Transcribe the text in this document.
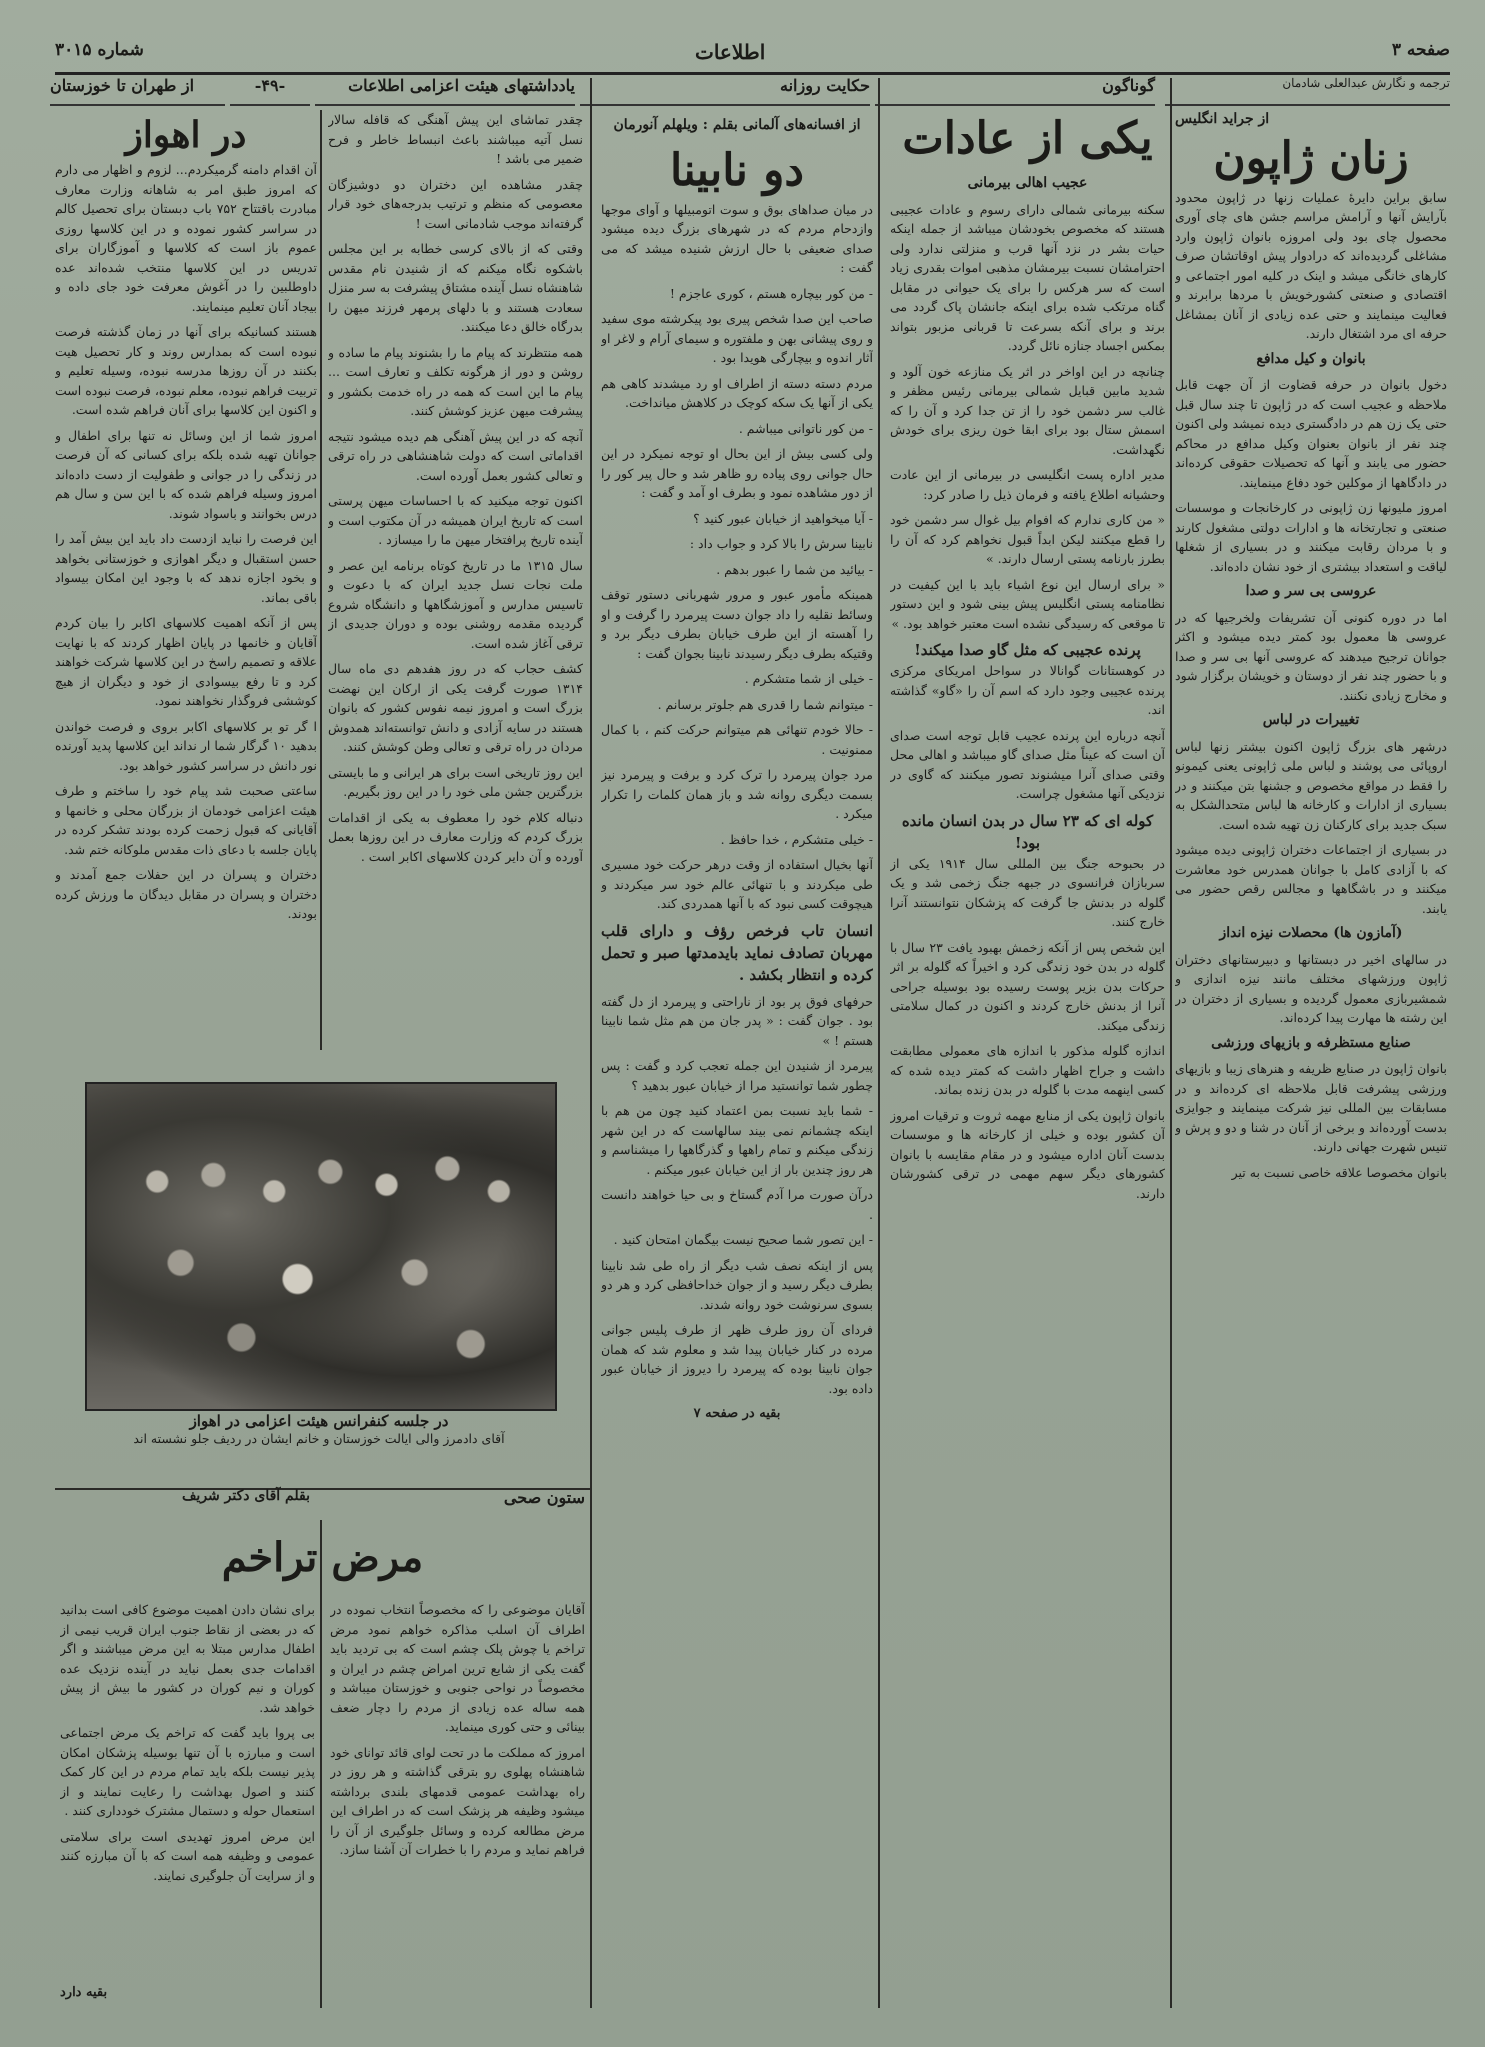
صفحه ۳
اطلاعات
شماره ۳۰۱۵
ترجمه و نگارش عبدالعلی شادمان
گوناگون
حکایت روزانه
یادداشتهای هیئت اعزامی اطلاعات
-۴۹-
از طهران تا خوزستان
از جراید انگلیس
زنان ژاپون

سابق براین دایرهٔ عملیات زنها در ژاپون محدود بآرایش آنها و آرامش مراسم جشن های چای آوری محصول چای بود ولی امروزه بانوان ژاپون وارد مشاغلی گردیده‌اند که درادوار پیش اوقاتشان صرف کارهای خانگی میشد و اینک در کلیه امور اجتماعی و اقتصادی و صنعتی کشورخویش با مردها برابرند و فعالیت مینمایند و حتی عده زیادی از آنان بمشاغل حرفه ای مرد اشتغال دارند.

بانوان و کیل مدافع

دخول بانوان در حرفه قضاوت از آن جهت قابل ملاحظه و عجیب است که در ژاپون تا چند سال قبل حتی یک زن هم در دادگستری دیده نمیشد ولی اکنون چند نفر از بانوان بعنوان وکیل مدافع در محاکم حضور می یابند و آنها که تحصیلات حقوقی کرده‌اند در دادگاهها از موکلین خود دفاع مینمایند.

امروز ملیونها زن ژاپونی در کارخانجات و موسسات صنعتی و تجارتخانه ها و ادارات دولتی مشغول کارند و با مردان رقابت میکنند و در بسیاری از شغلها لیاقت و استعداد بیشتری از خود نشان داده‌اند.

عروسی بی سر و صدا

اما در دوره کنونی آن تشریفات ولخرجیها که در عروسی ها معمول بود کمتر دیده میشود و اکثر جوانان ترجیح میدهند که عروسی آنها بی سر و صدا و با حضور چند نفر از دوستان و خویشان برگزار شود و مخارج زیادی نکنند.

تغییرات در لباس

درشهر های بزرگ ژاپون اکنون بیشتر زنها لباس اروپائی می پوشند و لباس ملی ژاپونی یعنی کیمونو را فقط در مواقع مخصوص و جشنها بتن میکنند و در بسیاری از ادارات و کارخانه ها لباس متحدالشکل به سبک جدید برای کارکنان زن تهیه شده است.

در بسیاری از اجتماعات دختران ژاپونی دیده میشود که با آزادی کامل با جوانان همدرس خود معاشرت میکنند و در باشگاهها و مجالس رقص حضور می یابند.

(آمازون ها) محصلات نیزه انداز

در سالهای اخیر در دبستانها و دبیرستانهای دختران ژاپون ورزشهای مختلف مانند نیزه اندازی و شمشیربازی معمول گردیده و بسیاری از دختران در این رشته ها مهارت پیدا کرده‌اند.

صنایع مستظرفه و بازیهای ورزشی

بانوان ژاپون در صنایع ظریفه و هنرهای زیبا و بازیهای ورزشی پیشرفت قابل ملاحظه ای کرده‌اند و در مسابقات بین المللی نیز شرکت مینمایند و جوایزی بدست آورده‌اند و برخی از آنان در شنا و دو و پرش و تنیس شهرت جهانی دارند.

بانوان مخصوصا علاقه خاصی نسبت به تیر

یکی از عادات
عجیب اهالی بیرمانی

سکنه بیرمانی شمالی دارای رسوم و عادات عجیبی هستند که مخصوص بخودشان میباشد از جمله اینکه حیات بشر در نزد آنها قرب و منزلتی ندارد ولی احترامشان نسبت بیرمشان مذهبی اموات بقدری زیاد است که سر هرکس را برای یک حیوانی در مقابل گناه مرتکب شده برای اینکه جانشان پاک گردد می برند و برای آنکه بسرعت تا قربانی مزبور بتواند بمکس اجساد جنازه نائل گردد.

چنانچه در این اواخر در اثر یک منازعه خون آلود و شدید مابین قبایل شمالی بیرمانی رئیس مظفر و غالب سر دشمن خود را از تن جدا کرد و آن را که اسمش ستال بود برای ابقا خون ریزی برای خودش نگهداشت.

مدیر اداره پست انگلیسی در بیرمانی از این عادت وحشیانه اطلاع یافته و فرمان ذیل را صادر کرد:

« من کاری ندارم که افوام بیل غوال سر دشمن خود را قطع میکنند لیکن ابداً قبول نخواهم کرد که آن را بطرز بارنامه پستی ارسال دارند. »

« برای ارسال این نوع اشیاء باید با این کیفیت در نظامنامه پستی انگلیس پیش بینی شود و این دستور تا موقعی که رسیدگی نشده است معتبر خواهد بود. »

پرنده عجیبی که مثل گاو صدا میکند!

در کوهستانات گوانالا در سواحل امریکای مرکزی پرنده عجیبی وجود دارد که اسم آن را «گاو» گذاشته اند.

آنچه درباره این پرنده عجیب قابل توجه است صدای آن است که عیناً مثل صدای گاو میباشد و اهالی محل وقتی صدای آنرا میشنوند تصور میکنند که گاوی در نزدیکی آنها مشغول چراست.

کوله ای که ۲۳ سال در بدن انسان مانده بود!

در بحبوحه جنگ بین المللی سال ۱۹۱۴ یکی از سربازان فرانسوی در جبهه جنگ زخمی شد و یک گلوله در بدنش جا گرفت که پزشکان نتوانستند آنرا خارج کنند.

این شخص پس از آنکه زخمش بهبود یافت ۲۳ سال با گلوله در بدن خود زندگی کرد و اخیراً که گلوله بر اثر حرکات بدن بزیر پوست رسیده بود بوسیله جراحی آنرا از بدنش خارج کردند و اکنون در کمال سلامتی زندگی میکند.

اندازه گلوله مذکور با اندازه های معمولی مطابقت داشت و جراح اظهار داشت که کمتر دیده شده که کسی اینهمه مدت با گلوله در بدن زنده بماند.

بانوان ژاپون یکی از منابع مهمه ثروت و ترقیات امروز آن کشور بوده و خیلی از کارخانه ها و موسسات بدست آنان اداره میشود و در مقام مقایسه با بانوان کشورهای دیگر سهم مهمی در ترقی کشورشان دارند.

از افسانه‌های آلمانی بقلم : ویلهلم آنورمان
دو نابینا

در میان صداهای بوق و سوت اتومبیلها و آوای موجها وازدحام مردم که در شهرهای بزرگ دیده میشود صدای ضعیفی با حال ارزش شنیده میشد که می گفت :

- من کور بیچاره هستم ، کوری عاجزم !

صاحب این صدا شخص پیری بود پیکرشته موی سفید و روی پیشانی بهن و ملفتوره و سیمای آرام و لاغر او آثار اندوه و بیچارگی هویدا بود .

مردم دسته دسته از اطراف او رد میشدند کاهی هم یکی از آنها یک سکه کوچک در کلاهش میانداخت.

- من کور ناتوانی میباشم .

ولی کسی بیش از این بحال او توجه نمیکرد در این حال جوانی روی پیاده رو ظاهر شد و حال پیر کور را از دور مشاهده نمود و بطرف او آمد و گفت :

- آیا میخواهید از خیابان عبور کنید ؟

نابینا سرش را بالا کرد و جواب داد :

- بیائید من شما را عبور بدهم .

همینکه مأمور عبور و مرور شهربانی دستور توقف وسائط نقلیه را داد جوان دست پیرمرد را گرفت و او را آهسته از این طرف خیابان بطرف دیگر برد و وقتیکه بطرف دیگر رسیدند نابینا بجوان گفت :

- خیلی از شما متشکرم .

- میتوانم شما را قدری هم جلوتر برسانم .

- حالا خودم تنهائی هم میتوانم حرکت کنم ، با کمال ممنونیت .

مرد جوان پیرمرد را ترک کرد و برفت و پیرمرد نیز بسمت دیگری روانه شد و باز همان کلمات را تکرار میکرد .

- خیلی متشکرم ، خدا حافظ .

آنها بخیال استفاده از وقت درهر حرکت خود مسیری طی میکردند و با تنهائی عالم خود سر میکردند و هیچوقت کسی نبود که با آنها همدردی کند.

انسان تاب فرخص رؤف و دارای قلب مهربان تصادف نماید بایدمدتها صبر و تحمل کرده و انتظار بکشد .

حرفهای فوق پر بود از ناراحتی و پیرمرد از دل گفته بود . جوان گفت : « پدر جان من هم مثل شما نابینا هستم ! »

پیرمرد از شنیدن این جمله تعجب کرد و گفت : پس چطور شما توانستید مرا از خیابان عبور بدهید ؟

- شما باید نسبت بمن اعتماد کنید چون من هم با اینکه چشمانم نمی بیند سالهاست که در این شهر زندگی میکنم و تمام راهها و گذرگاهها را میشناسم و هر روز چندین بار از این خیابان عبور میکنم .

درآن صورت مرا آدم گستاخ و بی حیا خواهند دانست .

- این تصور شما صحیح نیست بیگمان امتحان کنید .

پس از اینکه نصف شب دیگر از راه طی شد نابینا بطرف دیگر رسید و از جوان خداحافظی کرد و هر دو بسوی سرنوشت خود روانه شدند.

فردای آن روز طرف ظهر از طرف پلیس جوانی مرده در کنار خیابان پیدا شد و معلوم شد که همان جوان نابینا بوده که پیرمرد را دیروز از خیابان عبور داده بود.

بقیه در صفحه ۷
در اهواز

آن اقدام دامنه گرمیکردم... لزوم و اظهار می دارم که امروز طبق امر به شاهانه وزارت معارف مبادرت باقتتاح ۷۵۲ باب دبستان برای تحصیل کالم در سراسر کشور نموده و در این کلاسها روزی عموم باز است که کلاسها و آموزگاران برای تدریس در این کلاسها منتخب شده‌اند عده داوطلبین را در آغوش معرفت خود جای داده و بیجاد آنان تعلیم مینمایند.

هستند کسانیکه برای آنها در زمان گذشته فرصت نبوده است که بمدارس روند و کار تحصیل هیت بکنند در آن روزها مدرسه نبوده، وسیله تعلیم و تربیت فراهم نبوده، معلم نبوده، فرصت نبوده است و اکنون این کلاسها برای آنان فراهم شده است.

امروز شما از این وسائل نه تنها برای اطفال و جوانان تهیه شده بلکه برای کسانی که آن فرصت در زندگی را در جوانی و طفولیت از دست داده‌اند امروز وسیله فراهم شده که با این سن و سال هم درس بخوانند و باسواد شوند.

این فرصت را نباید ازدست داد باید این بیش آمد را حسن استقبال و دیگر اهوازی و خوزستانی بخواهد و بخود اجازه ندهد که با وجود این امکان بیسواد باقی بماند.

پس از آنکه اهمیت کلاسهای اکابر را بیان کردم آقایان و خانمها در پایان اظهار کردند که با نهایت علاقه و تصمیم راسخ در این کلاسها شرکت خواهند کرد و تا رفع بیسوادی از خود و دیگران از هیچ کوششی فروگذار نخواهند نمود.

ا گر تو بر کلاسهای اکابر بروی و فرصت خواندن بدهید ۱۰ گرگار شما ار نداند این کلاسها پدید آورنده نور دانش در سراسر کشور خواهد بود.

ساعتی صحبت شد پیام خود را ساختم و طرف هیئت اعزامی خودمان از بزرگان محلی و خانمها و آقایانی که قبول زحمت کرده بودند تشکر کرده در پایان جلسه با دعای ذات مقدس ملوکانه ختم شد.

دختران و پسران در این حفلات جمع آمدند و دختران و پسران در مقابل دیدگان ما ورزش کرده بودند.

چقدر تماشای این پیش آهنگی که قافله سالار نسل آتیه میباشند باعث انبساط خاطر و فرح ضمیر می باشد !

چقدر مشاهده این دختران دو دوشیزگان معصومی که منظم و ترتیب بدرجه‌های خود قرار گرفته‌اند موجب شادمانی است !

وقتی که از بالای کرسی خطابه بر این مجلس باشکوه نگاه میکنم که از شنیدن نام مقدس شاهنشاه نسل آینده مشتاق پیشرفت به سر منزل سعادت هستند و با دلهای پرمهر فرزند میهن را بدرگاه خالق دعا میکنند.

همه منتظرند که پیام ما را بشنوند پیام ما ساده و روشن و دور از هرگونه تکلف و تعارف است ... پیام ما این است که همه در راه خدمت بکشور و پیشرفت میهن عزیز کوشش کنند.

آنچه که در این پیش آهنگی هم دیده میشود نتیجه اقداماتی است که دولت شاهنشاهی در راه ترقی و تعالی کشور بعمل آورده است.

اکنون توجه میکنید که با احساسات میهن پرستی است که تاریخ ایران همیشه در آن مکتوب است و آینده تاریخ پرافتخار میهن ما را میسازد .

سال ۱۳۱۵ ما در تاریخ کوتاه برنامه این عصر و ملت نجات نسل جدید ایران که با دعوت و تاسیس مدارس و آموزشگاهها و دانشگاه شروع گردیده مقدمه روشنی بوده و دوران جدیدی از ترقی آغاز شده است.

کشف حجاب که در روز هفدهم دی ماه سال ۱۳۱۴ صورت گرفت یکی از ارکان این نهضت بزرگ است و امروز نیمه نفوس کشور که بانوان هستند در سایه آزادی و دانش توانسته‌اند همدوش مردان در راه ترقی و تعالی وطن کوشش کنند.

این روز تاریخی است برای هر ایرانی و ما بایستی بزرگترین جشن ملی خود را در این روز بگیریم.

دنباله کلام خود را معطوف به یکی از اقدامات بزرگ کردم که وزارت معارف در این روزها بعمل آورده و آن دایر کردن کلاسهای اکابر است .

در جلسه کنفرانس هیئت اعزامی در اهواز
آقای دادمرز والی ایالت خوزستان و خانم ایشان در ردیف جلو نشسته اند
ستون صحی
بقلم آقای دکتر شریف
مرض تراخم

آقایان موضوعی را که مخصوصاً انتخاب نموده در اطراف آن اسلب مذاکره خواهم نمود مرض تراخم یا چوش پلک چشم است که بی تردید باید گفت یکی از شایع ترین امراض چشم در ایران و مخصوصاً در نواحی جنوبی و خوزستان میباشد و همه ساله عده زیادی از مردم را دچار ضعف بینائی و حتی کوری مینماید.

امروز که مملکت ما در تحت لوای قائد توانای خود شاهنشاه پهلوی رو بترقی گذاشته و هر روز در راه بهداشت عمومی قدمهای بلندی برداشته میشود وظیفه هر پزشک است که در اطراف این مرض مطالعه کرده و وسائل جلوگیری از آن را فراهم نماید و مردم را با خطرات آن آشنا سازد.

برای نشان دادن اهمیت موضوع کافی است بدانید که در بعضی از نقاط جنوب ایران قریب نیمی از اطفال مدارس مبتلا به این مرض میباشند و اگر اقدامات جدی بعمل نیاید در آینده نزدیک عده کوران و نیم کوران در کشور ما بیش از پیش خواهد شد.

بی پروا باید گفت که تراخم یک مرض اجتماعی است و مبارزه با آن تنها بوسیله پزشکان امکان پذیر نیست بلکه باید تمام مردم در این کار کمک کنند و اصول بهداشت را رعایت نمایند و از استعمال حوله و دستمال مشترک خودداری کنند .

این مرض امروز تهدیدی است برای سلامتی عمومی و وظیفه همه است که با آن مبارزه کنند و از سرایت آن جلوگیری نمایند.

بقیه دارد
